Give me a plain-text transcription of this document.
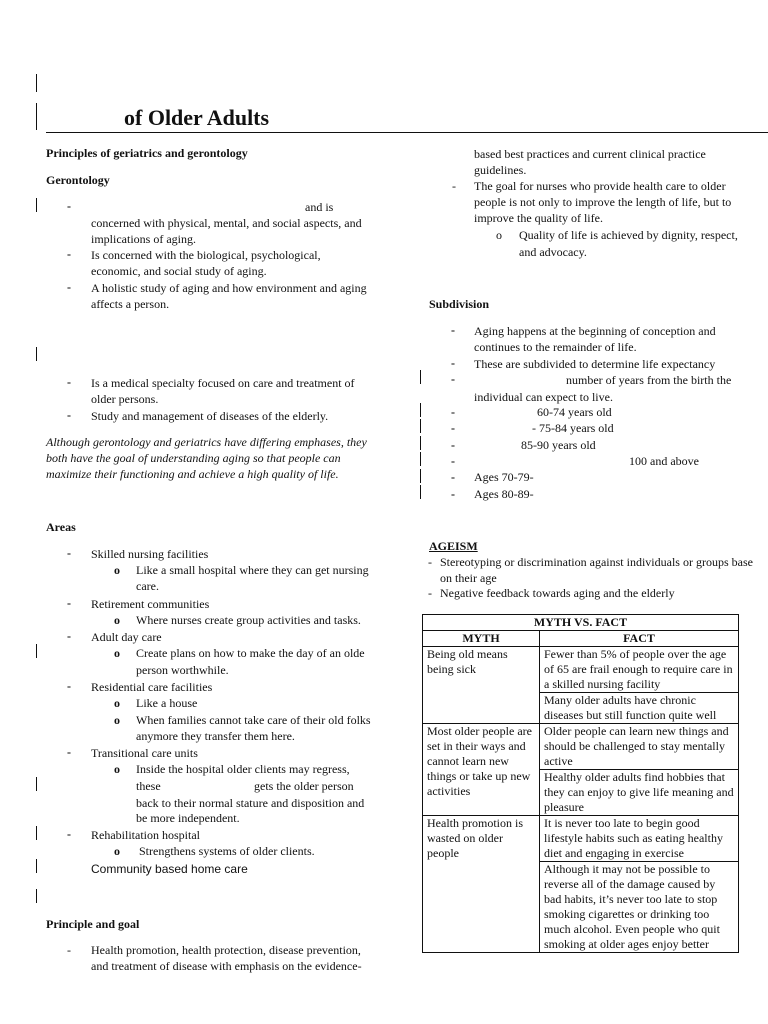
of Older Adults
Principles of geriatrics and gerontology
Gerontology
-	and is
concerned with physical, mental, and social aspects, and
implications of aging.
- Is concerned with the biological, psychological,
economic, and social study of aging.
- A holistic study of aging and how environment and aging
affects a person.
- Is a medical specialty focused on care and treatment of
older persons.
- Study and management of diseases of the elderly.
Although gerontology and geriatrics have differing emphases, they
both have the goal of understanding aging so that people can
maximize their functioning and achieve a high quality of life.
Areas
- Skilled nursing facilities
o Like a small hospital where they can get nursing
care.
- Retirement communities
o Where nurses create group activities and tasks.
- Adult day care
o Create plans on how to make the day of an olde
person worthwhile.
- Residential care facilities
o Like a house
o When families cannot take care of their old folks
anymore they transfer them here.
- Transitional care units
o Inside the hospital older clients may regress,
these	gets the older person
back to their normal stature and disposition and
be more independent.
- Rehabilitation hospital
o Strengthens systems of older clients.
Community based home care
Principle and goal
- Health promotion, health protection, disease prevention,
and treatment of disease with emphasis on the evidence-
based best practices and current clinical practice
guidelines.
- The goal for nurses who provide health care to older
people is not only to improve the length of life, but to
improve the quality of life.
o Quality of life is achieved by dignity, respect,
and advocacy.
Subdivision
- Aging happens at the beginning of conception and
continues to the remainder of life.
- These are subdivided to determine life expectancy
-	number of years from the birth the
individual can expect to live.
-	60-74 years old
-	- 75-84 years old
-	85-90 years old
-	100 and above
- Ages 70-79-
- Ages 80-89-
AGEISM
- Stereotyping or discrimination against individuals or groups base
on their age
- Negative feedback towards aging and the elderly
MYTH VS. FACT	
MYTH	FACT
Being old means being sick	Fewer than 5% of people over the age of 65 are frail enough to require care in a skilled nursing facility
	Many older adults have chronic diseases but still function quite well
Most older people are set in their ways and cannot learn new things or take up new activities	Older people can learn new things and should be challenged to stay mentally active
	Healthy older adults find hobbies that they can enjoy to give life meaning and pleasure
Health promotion is wasted on older people	It is never too late to begin good lifestyle habits such as eating healthy diet and engaging in exercise
	Although it may not be possible to reverse all of the damage caused by bad habits, it’s never too late to stop smoking cigarettes or drinking too much alcohol. Even people who quit smoking at older ages enjoy better
